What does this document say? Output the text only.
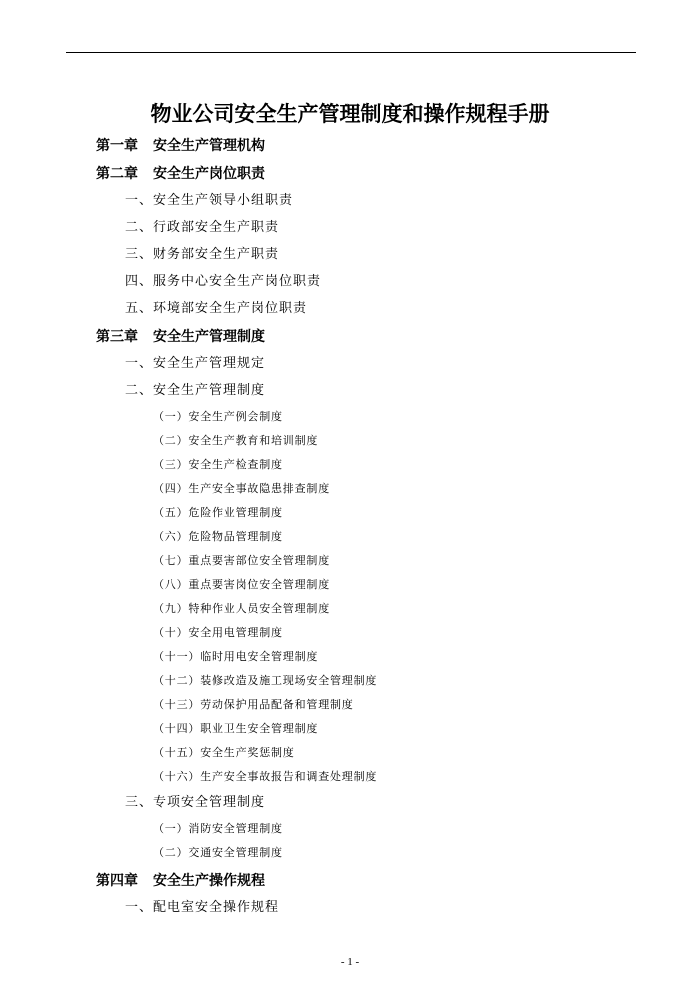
物业公司安全生产管理制度和操作规程手册
第一章 安全生产管理机构
第二章 安全生产岗位职责
一、安全生产领导小组职责
二、行政部安全生产职责
三、财务部安全生产职责
四、服务中心安全生产岗位职责
五、环境部安全生产岗位职责
第三章 安全生产管理制度
一、安全生产管理规定
二、安全生产管理制度
（一）安全生产例会制度
（二）安全生产教育和培训制度
（三）安全生产检查制度
（四）生产安全事故隐患排查制度
（五）危险作业管理制度
（六）危险物品管理制度
（七）重点要害部位安全管理制度
（八）重点要害岗位安全管理制度
（九）特种作业人员安全管理制度
（十）安全用电管理制度
（十一）临时用电安全管理制度
（十二）装修改造及施工现场安全管理制度
（十三）劳动保护用品配备和管理制度
（十四）职业卫生安全管理制度
（十五）安全生产奖惩制度
（十六）生产安全事故报告和调查处理制度
三、专项安全管理制度
（一）消防安全管理制度
（二）交通安全管理制度
第四章 安全生产操作规程
一、配电室安全操作规程
- 1 -
